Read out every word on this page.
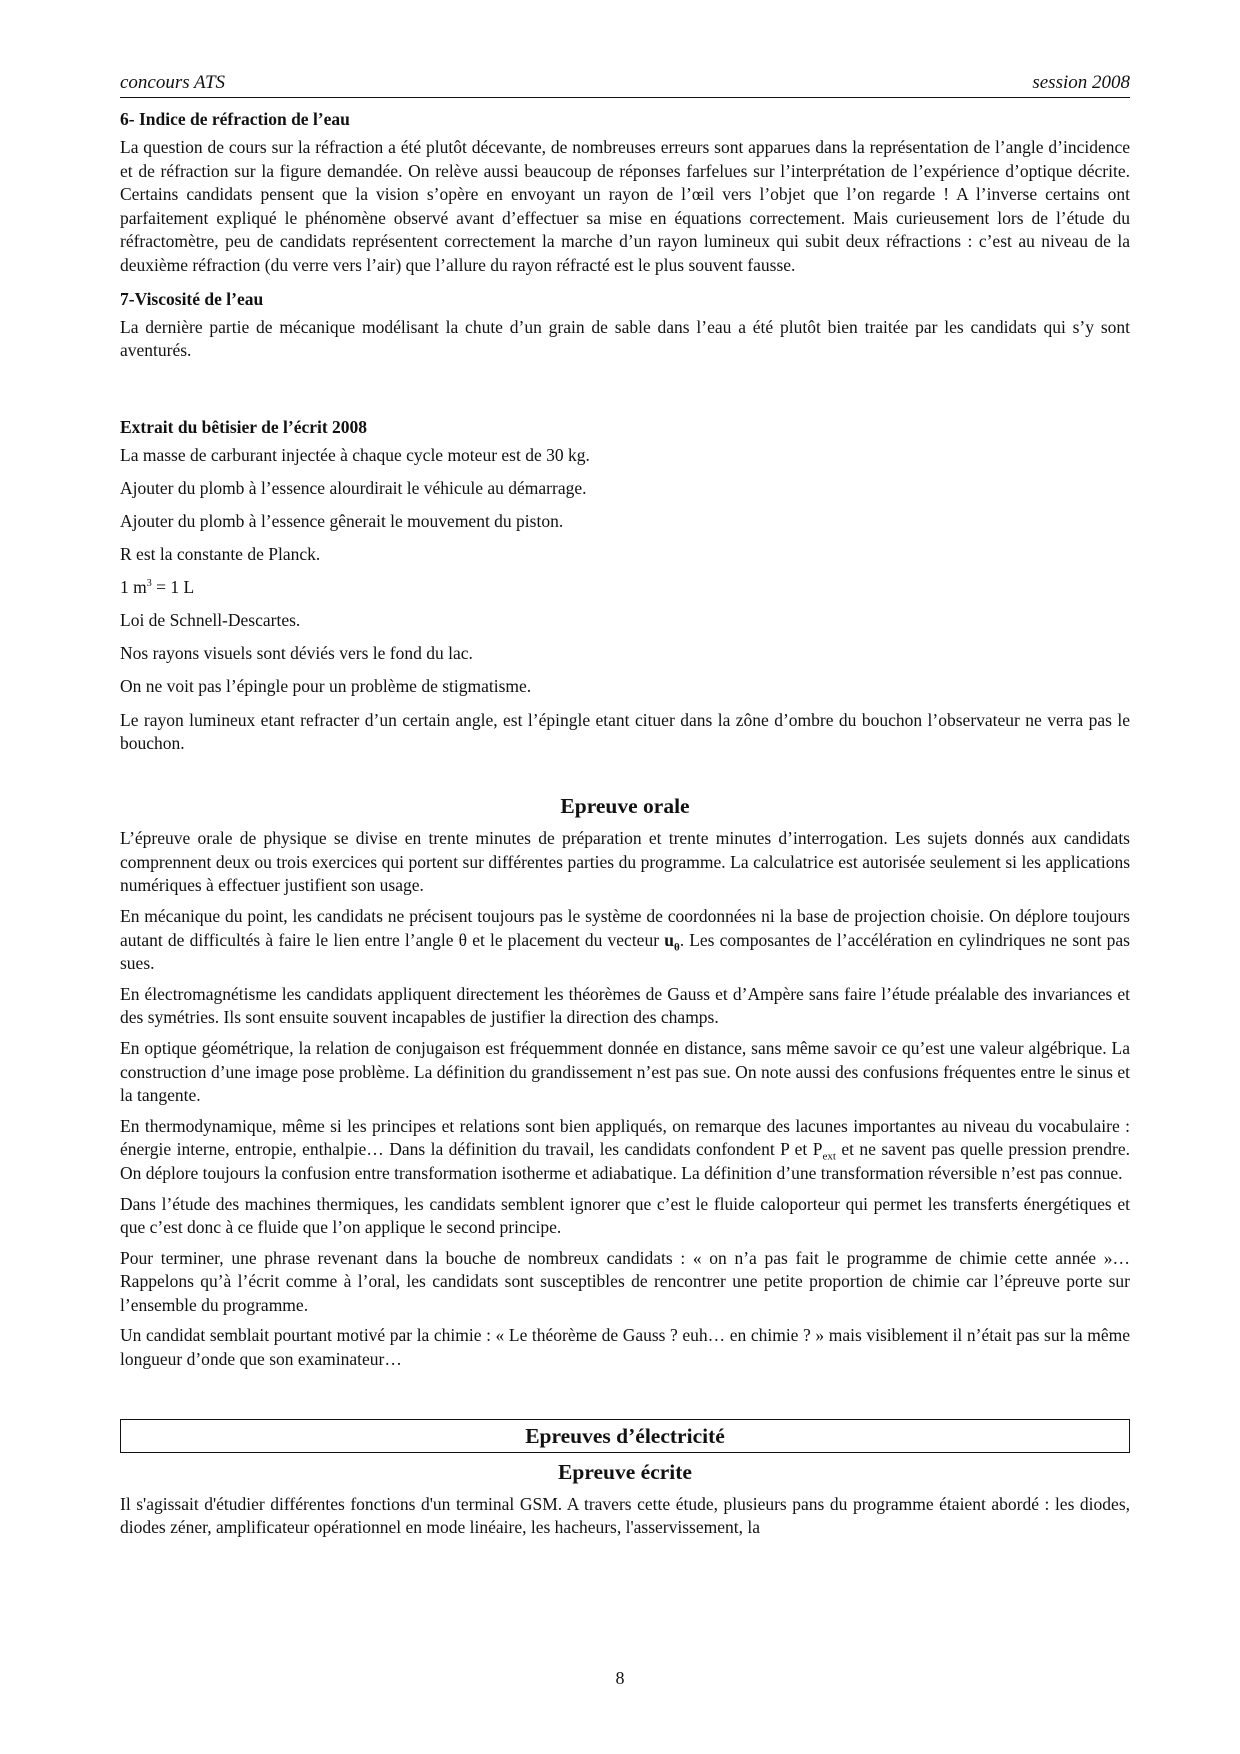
concours ATS	session 2008
6- Indice de réfraction de l’eau

La question de cours sur la réfraction a été plutôt décevante, de nombreuses erreurs sont apparues dans la représentation de l’angle d’incidence et de réfraction sur la figure demandée. On relève aussi beaucoup de réponses farfelues sur l’interprétation de l’expérience d’optique décrite. Certains candidats pensent que la vision s’opère en envoyant un rayon de l’œil vers l’objet que l’on regarde ! A l’inverse certains ont parfaitement expliqué le phénomène observé avant d’effectuer sa mise en équations correctement. Mais curieusement lors de l’étude du réfractomètre, peu de candidats représentent correctement la marche d’un rayon lumineux qui subit deux réfractions : c’est au niveau de la deuxième réfraction (du verre vers l’air) que l’allure du rayon réfracté est le plus souvent fausse.

7-Viscosité de l’eau

La dernière partie de mécanique modélisant la chute d’un grain de sable dans l’eau a été plutôt bien traitée par les candidats qui s’y sont aventurés.

Extrait du bêtisier de l’écrit 2008

La masse de carburant injectée à chaque cycle moteur est de 30 kg.

Ajouter du plomb à l’essence alourdirait le véhicule au démarrage.

Ajouter du plomb à l’essence gênerait le mouvement du piston.

R est la constante de Planck.

1 $m^3 = 1$ L

Loi de Schnell-Descartes.

Nos rayons visuels sont déviés vers le fond du lac.

On ne voit pas l’épingle pour un problème de stigmatisme.

Le rayon lumineux etant refracter d’un certain angle, est l’épingle etant cituer dans la zône d’ombre du bouchon l’observateur ne verra pas le bouchon.

Epreuve orale

L’épreuve orale de physique se divise en trente minutes de préparation et trente minutes d’interrogation. Les sujets donnés aux candidats comprennent deux ou trois exercices qui portent sur différentes parties du programme. La calculatrice est autorisée seulement si les applications numériques à effectuer justifient son usage.

En mécanique du point, les candidats ne précisent toujours pas le système de coordonnées ni la base de projection choisie. On déplore toujours autant de difficultés à faire le lien entre l’angle θ et le placement du vecteur $u_\theta$. Les composantes de l’accélération en cylindriques ne sont pas sues.

En électromagnétisme les candidats appliquent directement les théorèmes de Gauss et d’Ampère sans faire l’étude préalable des invariances et des symétries. Ils sont ensuite souvent incapables de justifier la direction des champs.

En optique géométrique, la relation de conjugaison est fréquemment donnée en distance, sans même savoir ce qu’est une valeur algébrique. La construction d’une image pose problème. La définition du grandissement n’est pas sue. On note aussi des confusions fréquentes entre le sinus et la tangente.

En thermodynamique, même si les principes et relations sont bien appliqués, on remarque des lacunes importantes au niveau du vocabulaire : énergie interne, entropie, enthalpie… Dans la définition du travail, les candidats confondent P et $P_{ext}$ et ne savent pas quelle pression prendre. On déplore toujours la confusion entre transformation isotherme et adiabatique. La définition d’une transformation réversible n’est pas connue.

Dans l’étude des machines thermiques, les candidats semblent ignorer que c’est le fluide caloporteur qui permet les transferts énergétiques et que c’est donc à ce fluide que l’on applique le second principe.

Pour terminer, une phrase revenant dans la bouche de nombreux candidats : « on n’a pas fait le programme de chimie cette année »… Rappelons qu’à l’écrit comme à l’oral, les candidats sont susceptibles de rencontrer une petite proportion de chimie car l’épreuve porte sur l’ensemble du programme.

Un candidat semblait pourtant motivé par la chimie : « Le théorème de Gauss ? euh… en chimie ? » mais visiblement il n’était pas sur la même longueur d’onde que son examinateur…

Epreuves d’électricité
Epreuve écrite

Il s'agissait d'étudier différentes fonctions d'un terminal GSM. A travers cette étude, plusieurs pans du programme étaient abordé : les diodes, diodes zéner, amplificateur opérationnel en mode linéaire, les hacheurs, l'asservissement, la

8
